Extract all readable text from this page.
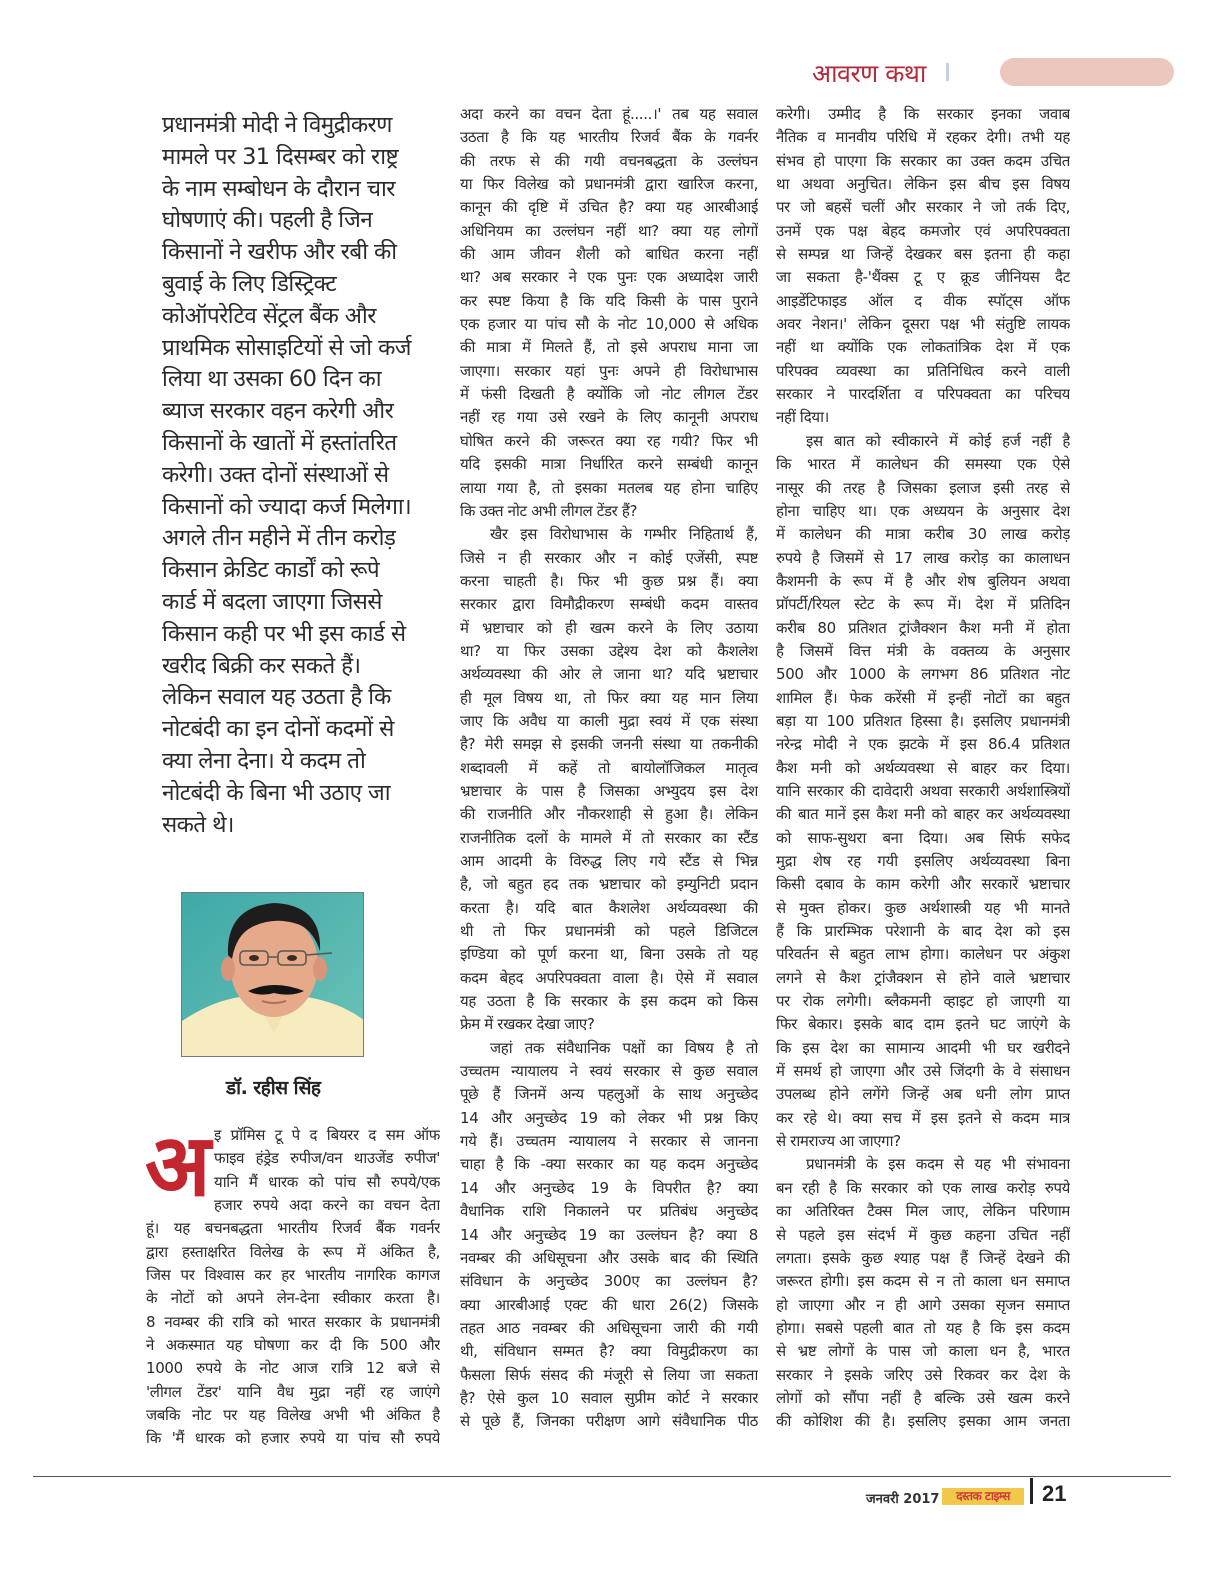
आवरण कथा
प्रधानमंत्री मोदी ने विमुद्रीकरण
मामले पर 31 दिसम्बर को राष्ट्र
के नाम सम्बोधन के दौरान चार
घोषणाएं की। पहली है जिन
किसानों ने खरीफ और रबी की
बुवाई के लिए डिस्ट्रिक्ट
कोऑपरेटिव सेंट्रल बैंक और
प्राथमिक सोसाइटियों से जो कर्ज
लिया था उसका 60 दिन का
ब्याज सरकार वहन करेगी और
किसानों के खातों में हस्तांतरित
करेगी। उक्त दोनों संस्थाओं से
किसानों को ज्यादा कर्ज मिलेगा।
अगले तीन महीने में तीन करोड़
किसान क्रेडिट कार्डों को रूपे
कार्ड में बदला जाएगा जिससे
किसान कही पर भी इस कार्ड से
खरीद बिक्री कर सकते हैं।
लेकिन सवाल यह उठता है कि
नोटबंदी का इन दोनों कदमों से
क्या लेना देना। ये कदम तो
नोटबंदी के बिना भी उठाए जा
सकते थे।
डॉ. रहीस सिंह
अ इ प्रॉमिस टू पे द बियरर द सम ऑफ
फाइव हंड्रेड रुपीज/वन थाउजेंड रुपीज'
यानि मैं धारक को पांच सौ रुपये/एक
हजार रुपये अदा करने का वचन देता
हूं। यह बचनबद्धता भारतीय रिजर्व बैंक गवर्नर
द्वारा हस्ताक्षरित विलेख के रूप में अंकित है,
जिस पर विश्वास कर हर भारतीय नागरिक कागज
के नोटों को अपने लेन-देना स्वीकार करता है।
8 नवम्बर की रात्रि को भारत सरकार के प्रधानमंत्री
ने अकस्मात यह घोषणा कर दी कि 500 और
1000 रुपये के नोट आज रात्रि 12 बजे से
'लीगल टेंडर' यानि वैध मुद्रा नहीं रह जाएंगे
जबकि नोट पर यह विलेख अभी भी अंकित है
कि 'मैं धारक को हजार रुपये या पांच सौ रुपये
अदा करने का वचन देता हूं.....।' तब यह सवाल
उठता है कि यह भारतीय रिजर्व बैंक के गवर्नर
की तरफ से की गयी वचनबद्धता के उल्लंघन
या फिर विलेख को प्रधानमंत्री द्वारा खारिज करना,
कानून की दृष्टि में उचित है? क्या यह आरबीआई
अधिनियम का उल्लंघन नहीं था? क्या यह लोगों
की आम जीवन शैली को बाधित करना नहीं
था? अब सरकार ने एक पुनः एक अध्यादेश जारी
कर स्पष्ट किया है कि यदि किसी के पास पुराने
एक हजार या पांच सौ के नोट 10,000 से अधिक
की मात्रा में मिलते हैं, तो इसे अपराध माना जा
जाएगा। सरकार यहां पुनः अपने ही विरोधाभास
में फंसी दिखती है क्योंकि जो नोट लीगल टेंडर
नहीं रह गया उसे रखने के लिए कानूनी अपराध
घोषित करने की जरूरत क्या रह गयी? फिर भी
यदि इसकी मात्रा निर्धारित करने सम्बंधी कानून
लाया गया है, तो इसका मतलब यह होना चाहिए
कि उक्त नोट अभी लीगल टेंडर हैं?
खैर इस विरोधाभास के गम्भीर निहितार्थ हैं,
जिसे न ही सरकार और न कोई एजेंसी, स्पष्ट
करना चाहती है। फिर भी कुछ प्रश्न हैं। क्या
सरकार द्वारा विमौद्रीकरण सम्बंधी कदम वास्तव
में भ्रष्टाचार को ही खत्म करने के लिए उठाया
था? या फिर उसका उद्देश्य देश को कैशलेश
अर्थव्यवस्था की ओर ले जाना था? यदि भ्रष्टाचार
ही मूल विषय था, तो फिर क्या यह मान लिया
जाए कि अवैध या काली मुद्रा स्वयं में एक संस्था
है? मेरी समझ से इसकी जननी संस्था या तकनीकी
शब्दावली में कहें तो बायोलॉजिकल मातृत्व
भ्रष्टाचार के पास है जिसका अभ्युदय इस देश
की राजनीति और नौकरशाही से हुआ है। लेकिन
राजनीतिक दलों के मामले में तो सरकार का स्टैंड
आम आदमी के विरुद्ध लिए गये स्टैंड से भिन्न
है, जो बहुत हद तक भ्रष्टाचार को इम्युनिटी प्रदान
करता है। यदि बात कैशलेश अर्थव्यवस्था की
थी तो फिर प्रधानमंत्री को पहले डिजिटल
इण्डिया को पूर्ण करना था, बिना उसके तो यह
कदम बेहद अपरिपक्वता वाला है। ऐसे में सवाल
यह उठता है कि सरकार के इस कदम को किस
फ्रेम में रखकर देखा जाए?
जहां तक संवैधानिक पक्षों का विषय है तो
उच्चतम न्यायालय ने स्वयं सरकार से कुछ सवाल
पूछे हैं जिनमें अन्य पहलुओं के साथ अनुच्छेद
14 और अनुच्छेद 19 को लेकर भी प्रश्न किए
गये हैं। उच्चतम न्यायालय ने सरकार से जानना
चाहा है कि -क्या सरकार का यह कदम अनुच्छेद
14 और अनुच्छेद 19 के विपरीत है? क्या
वैधानिक राशि निकालने पर प्रतिबंध अनुच्छेद
14 और अनुच्छेद 19 का उल्लंघन है? क्या 8
नवम्बर की अधिसूचना और उसके बाद की स्थिति
संविधान के अनुच्छेद 300ए का उल्लंघन है?
क्या आरबीआई एक्ट की धारा 26(2) जिसके
तहत आठ नवम्बर की अधिसूचना जारी की गयी
थी, संविधान सम्मत है? क्या विमुद्रीकरण का
फैसला सिर्फ संसद की मंजूरी से लिया जा सकता
है? ऐसे कुल 10 सवाल सुप्रीम कोर्ट ने सरकार
से पूछे हैं, जिनका परीक्षण आगे संवैधानिक पीठ
करेगी। उम्मीद है कि सरकार इनका जवाब
नैतिक व मानवीय परिधि में रहकर देगी। तभी यह
संभव हो पाएगा कि सरकार का उक्त कदम उचित
था अथवा अनुचित। लेकिन इस बीच इस विषय
पर जो बहसें चलीं और सरकार ने जो तर्क दिए,
उनमें एक पक्ष बेहद कमजोर एवं अपरिपक्वता
से सम्पन्न था जिन्हें देखकर बस इतना ही कहा
जा सकता है-'थैंक्स टू ए क्रूड जीनियस दैट
आइडेंटिफाइड ऑल द वीक स्पॉट्स ऑफ
अवर नेशन।' लेकिन दूसरा पक्ष भी संतुष्टि लायक
नहीं था क्योंकि एक लोकतांत्रिक देश में एक
परिपक्व व्यवस्था का प्रतिनिधित्व करने वाली
सरकार ने पारदर्शिता व परिपक्वता का परिचय
नहीं दिया।
इस बात को स्वीकारने में कोई हर्ज नहीं है
कि भारत में कालेधन की समस्या एक ऐसे
नासूर की तरह है जिसका इलाज इसी तरह से
होना चाहिए था। एक अध्ययन के अनुसार देश
में कालेधन की मात्रा करीब 30 लाख करोड़
रुपये है जिसमें से 17 लाख करोड़ का कालाधन
कैशमनी के रूप में है और शेष बुलियन अथवा
प्रॉपर्टी/रियल स्टेट के रूप में। देश में प्रतिदिन
करीब 80 प्रतिशत ट्रांजैक्शन कैश मनी में होता
है जिसमें वित्त मंत्री के वक्तव्य के अनुसार
500 और 1000 के लगभग 86 प्रतिशत नोट
शामिल हैं। फेक करेंसी में इन्हीं नोटों का बहुत
बड़ा या 100 प्रतिशत हिस्सा है। इसलिए प्रधानमंत्री
नरेन्द्र मोदी ने एक झटके में इस 86.4 प्रतिशत
कैश मनी को अर्थव्यवस्था से बाहर कर दिया।
यानि सरकार की दावेदारी अथवा सरकारी अर्थशास्त्रियों
की बात मानें इस कैश मनी को बाहर कर अर्थव्यवस्था
को साफ-सुथरा बना दिया। अब सिर्फ सफेद
मुद्रा शेष रह गयी इसलिए अर्थव्यवस्था बिना
किसी दबाव के काम करेगी और सरकारें भ्रष्टाचार
से मुक्त होकर। कुछ अर्थशास्त्री यह भी मानते
हैं कि प्रारम्भिक परेशानी के बाद देश को इस
परिवर्तन से बहुत लाभ होगा। कालेधन पर अंकुश
लगने से कैश ट्रांजैक्शन से होने वाले भ्रष्टाचार
पर रोक लगेगी। ब्लैकमनी व्हाइट हो जाएगी या
फिर बेकार। इसके बाद दाम इतने घट जाएंगे के
कि इस देश का सामान्य आदमी भी घर खरीदने
में समर्थ हो जाएगा और उसे जिंदगी के वे संसाधन
उपलब्ध होने लगेंगे जिन्हें अब धनी लोग प्राप्त
कर रहे थे। क्या सच में इस इतने से कदम मात्र
से रामराज्य आ जाएगा?
प्रधानमंत्री के इस कदम से यह भी संभावना
बन रही है कि सरकार को एक लाख करोड़ रुपये
का अतिरिक्त टैक्स मिल जाए, लेकिन परिणाम
से पहले इस संदर्भ में कुछ कहना उचित नहीं
लगता। इसके कुछ श्याह पक्ष हैं जिन्हें देखने की
जरूरत होगी। इस कदम से न तो काला धन समाप्त
हो जाएगा और न ही आगे उसका सृजन समाप्त
होगा। सबसे पहली बात तो यह है कि इस कदम
से भ्रष्ट लोगों के पास जो काला धन है, भारत
सरकार ने इसके जरिए उसे रिकवर कर देश के
लोगों को सौंपा नहीं है बल्कि उसे खत्म करने
की कोशिश की है। इसलिए इसका आम जनता
जनवरी 2017	दस्तक टाइम्स	21
